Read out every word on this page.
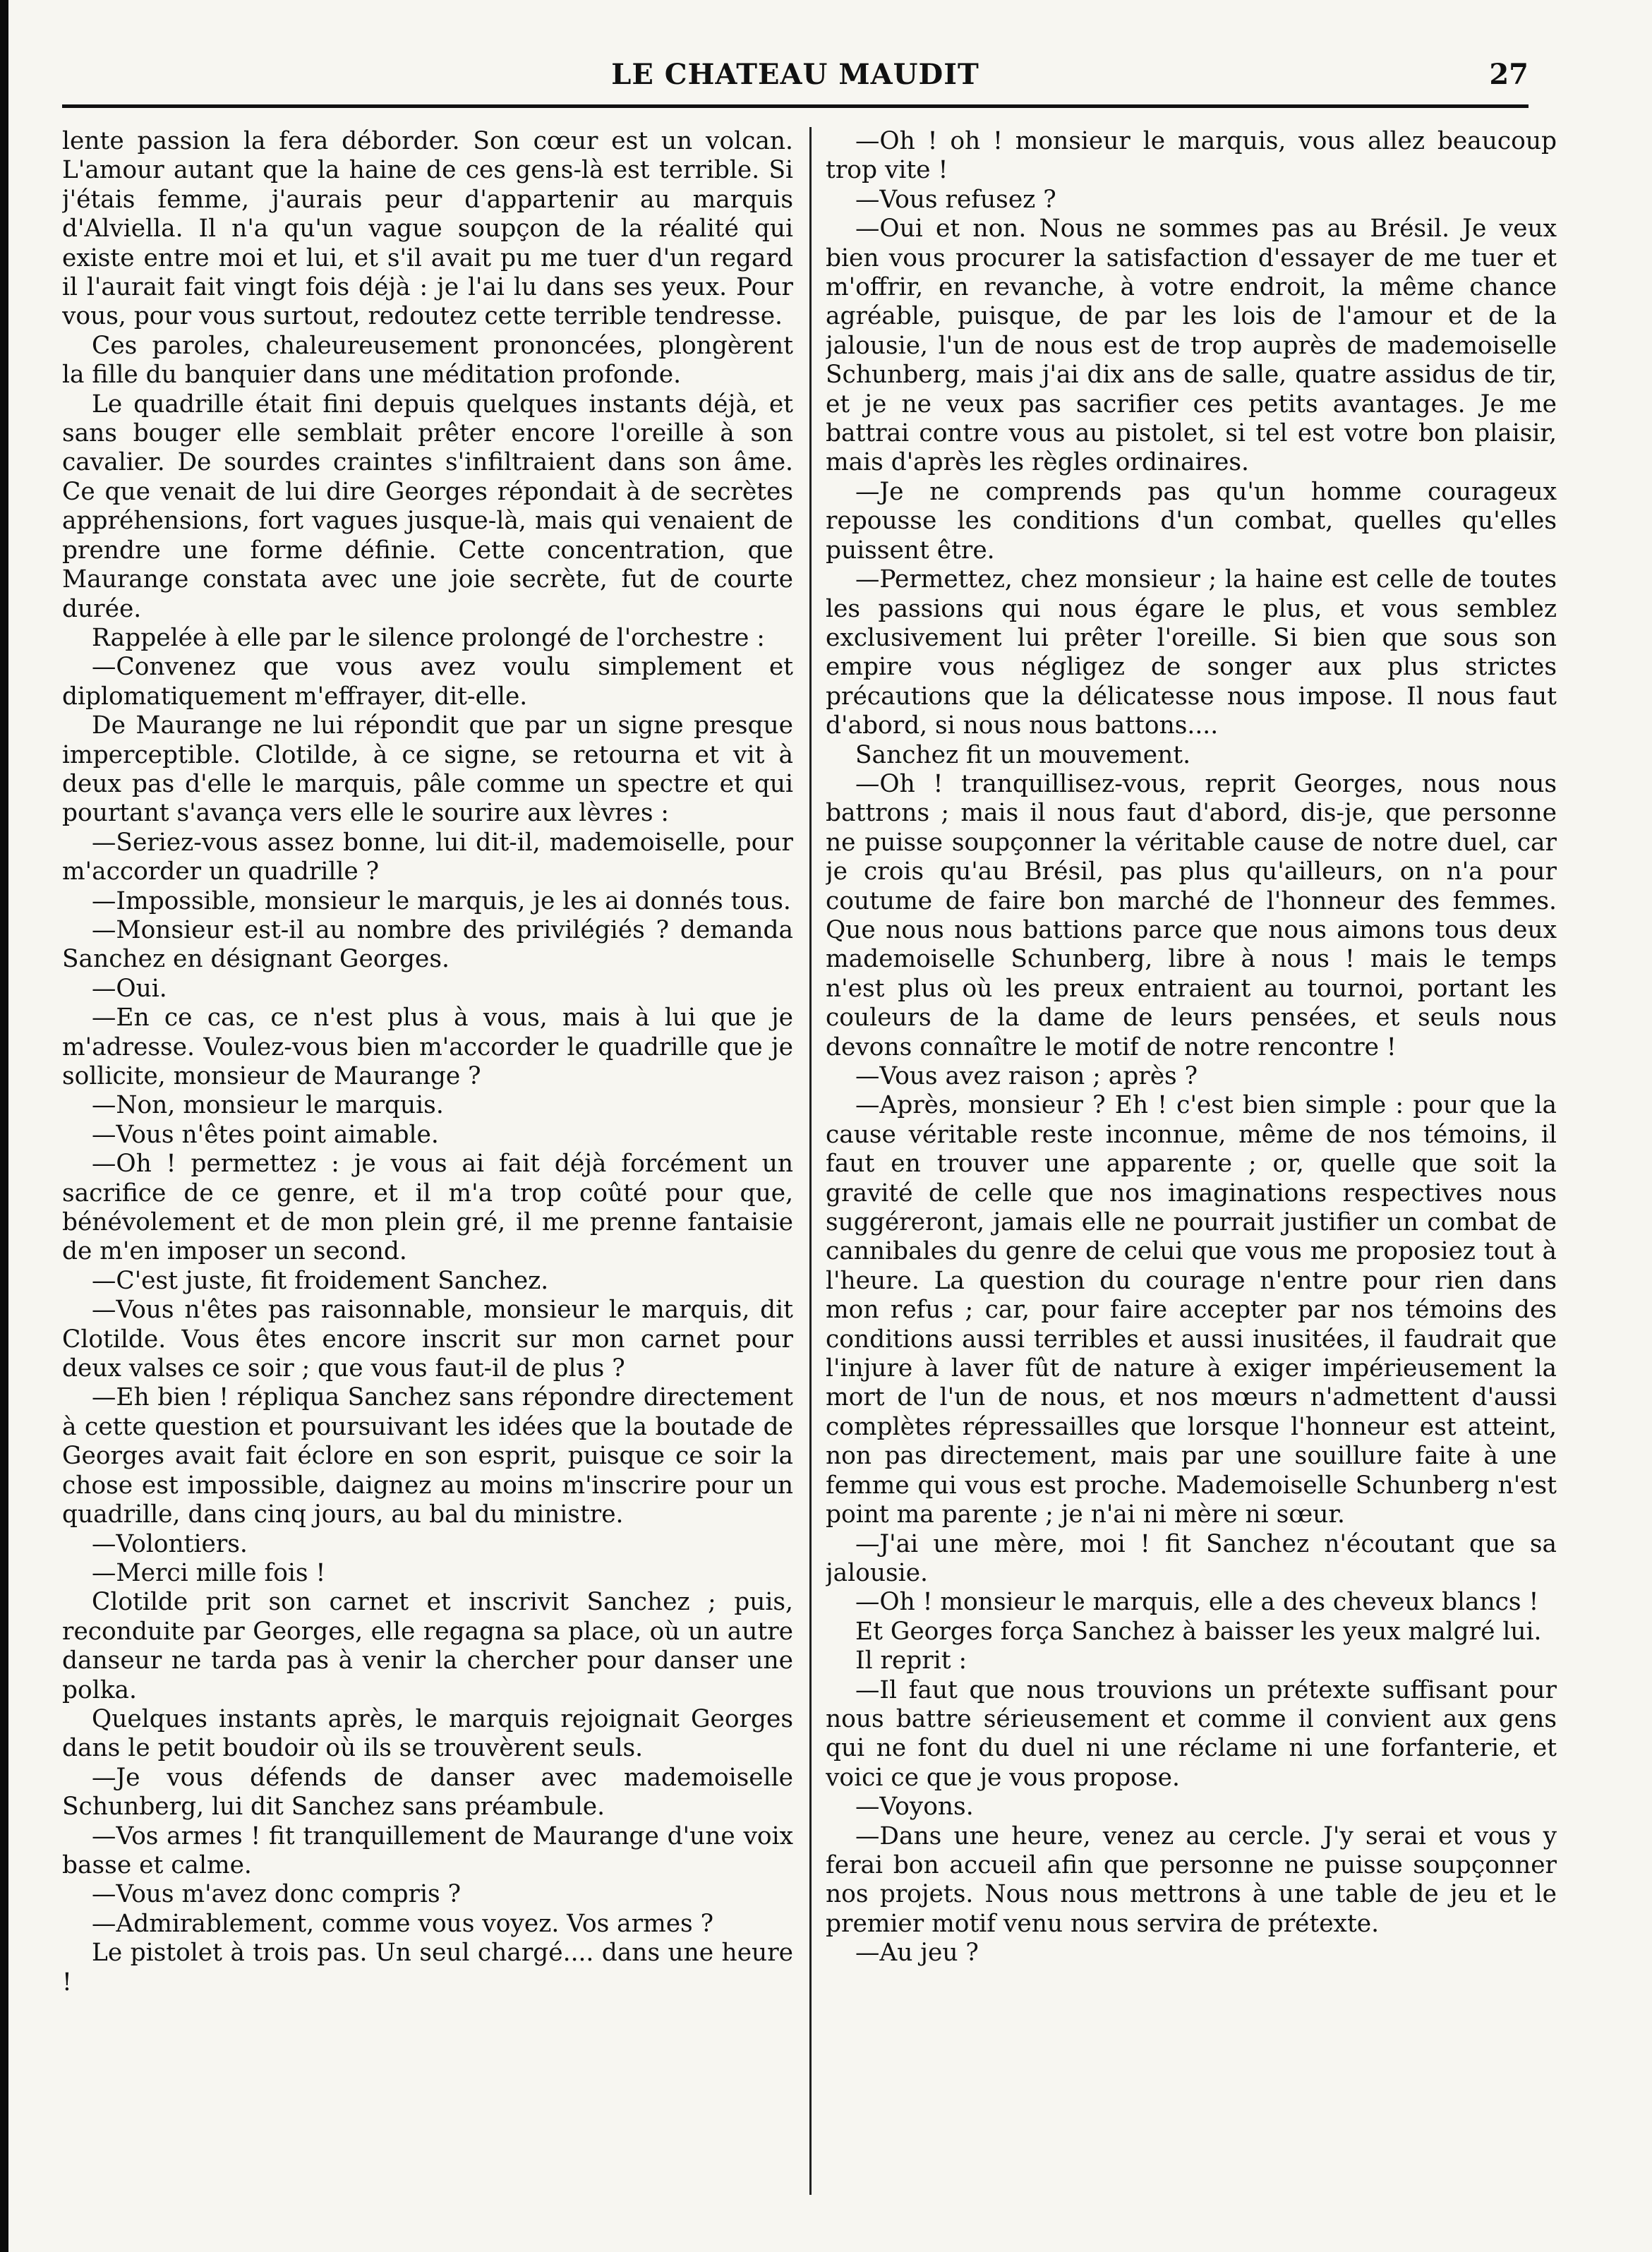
LE CHATEAU MAUDIT	27

lente passion la fera déborder. Son cœur est un volcan. L'amour autant que la haine de ces gens-là est terrible. Si j'étais femme, j'aurais peur d'appartenir au marquis d'Alviella. Il n'a qu'un vague soupçon de la réalité qui existe entre moi et lui, et s'il avait pu me tuer d'un regard il l'aurait fait vingt fois déjà : je l'ai lu dans ses yeux. Pour vous, pour vous surtout, redoutez cette terrible tendresse.

Ces paroles, chaleureusement prononcées, plongèrent la fille du banquier dans une méditation profonde.

Le quadrille était fini depuis quelques instants déjà, et sans bouger elle semblait prêter encore l'oreille à son cavalier. De sourdes craintes s'infiltraient dans son âme. Ce que venait de lui dire Georges répondait à de secrètes appréhensions, fort vagues jusque-là, mais qui venaient de prendre une forme définie. Cette concentration, que Maurange constata avec une joie secrète, fut de courte durée.

Rappelée à elle par le silence prolongé de l'orchestre :

—Convenez que vous avez voulu simplement et diplomatiquement m'effrayer, dit-elle.

De Maurange ne lui répondit que par un signe presque imperceptible. Clotilde, à ce signe, se retourna et vit à deux pas d'elle le marquis, pâle comme un spectre et qui pourtant s'avança vers elle le sourire aux lèvres :

—Seriez-vous assez bonne, lui dit-il, mademoiselle, pour m'accorder un quadrille ?

—Impossible, monsieur le marquis, je les ai donnés tous.

—Monsieur est-il au nombre des privilégiés ? demanda Sanchez en désignant Georges.

—Oui.

—En ce cas, ce n'est plus à vous, mais à lui que je m'adresse. Voulez-vous bien m'accorder le quadrille que je sollicite, monsieur de Maurange ?

—Non, monsieur le marquis.

—Vous n'êtes point aimable.

—Oh ! permettez : je vous ai fait déjà forcément un sacrifice de ce genre, et il m'a trop coûté pour que, bénévolement et de mon plein gré, il me prenne fantaisie de m'en imposer un second.

—C'est juste, fit froidement Sanchez.

—Vous n'êtes pas raisonnable, monsieur le marquis, dit Clotilde. Vous êtes encore inscrit sur mon carnet pour deux valses ce soir ; que vous faut-il de plus ?

—Eh bien ! répliqua Sanchez sans répondre directement à cette question et poursuivant les idées que la boutade de Georges avait fait éclore en son esprit, puisque ce soir la chose est impossible, daignez au moins m'inscrire pour un quadrille, dans cinq jours, au bal du ministre.

—Volontiers.

—Merci mille fois !

Clotilde prit son carnet et inscrivit Sanchez ; puis, reconduite par Georges, elle regagna sa place, où un autre danseur ne tarda pas à venir la chercher pour danser une polka.

Quelques instants après, le marquis rejoignait Georges dans le petit boudoir où ils se trouvèrent seuls.

—Je vous défends de danser avec mademoiselle Schunberg, lui dit Sanchez sans préambule.

—Vos armes ! fit tranquillement de Maurange d'une voix basse et calme.

—Vous m'avez donc compris ?

—Admirablement, comme vous voyez. Vos armes ?

Le pistolet à trois pas. Un seul chargé.... dans une heure !

—Oh ! oh ! monsieur le marquis, vous allez beaucoup trop vite !

—Vous refusez ?

—Oui et non. Nous ne sommes pas au Brésil. Je veux bien vous procurer la satisfaction d'essayer de me tuer et m'offrir, en revanche, à votre endroit, la même chance agréable, puisque, de par les lois de l'amour et de la jalousie, l'un de nous est de trop auprès de mademoiselle Schunberg, mais j'ai dix ans de salle, quatre assidus de tir, et je ne veux pas sacrifier ces petits avantages. Je me battrai contre vous au pistolet, si tel est votre bon plaisir, mais d'après les règles ordinaires.

—Je ne comprends pas qu'un homme courageux repousse les conditions d'un combat, quelles qu'elles puissent être.

—Permettez, chez monsieur ; la haine est celle de toutes les passions qui nous égare le plus, et vous semblez exclusivement lui prêter l'oreille. Si bien que sous son empire vous négligez de songer aux plus strictes précautions que la délicatesse nous impose. Il nous faut d'abord, si nous nous battons....

Sanchez fit un mouvement.

—Oh ! tranquillisez-vous, reprit Georges, nous nous battrons ; mais il nous faut d'abord, dis-je, que personne ne puisse soupçonner la véritable cause de notre duel, car je crois qu'au Brésil, pas plus qu'ailleurs, on n'a pour coutume de faire bon marché de l'honneur des femmes. Que nous nous battions parce que nous aimons tous deux mademoiselle Schunberg, libre à nous ! mais le temps n'est plus où les preux entraient au tournoi, portant les couleurs de la dame de leurs pensées, et seuls nous devons connaître le motif de notre rencontre !

—Vous avez raison ; après ?

—Après, monsieur ? Eh ! c'est bien simple : pour que la cause véritable reste inconnue, même de nos témoins, il faut en trouver une apparente ; or, quelle que soit la gravité de celle que nos imaginations respectives nous suggéreront, jamais elle ne pourrait justifier un combat de cannibales du genre de celui que vous me proposiez tout à l'heure. La question du courage n'entre pour rien dans mon refus ; car, pour faire accepter par nos témoins des conditions aussi terribles et aussi inusitées, il faudrait que l'injure à laver fût de nature à exiger impérieusement la mort de l'un de nous, et nos mœurs n'admettent d'aussi complètes répressailles que lorsque l'honneur est atteint, non pas directement, mais par une souillure faite à une femme qui vous est proche. Mademoiselle Schunberg n'est point ma parente ; je n'ai ni mère ni sœur.

—J'ai une mère, moi ! fit Sanchez n'écoutant que sa jalousie.

—Oh ! monsieur le marquis, elle a des cheveux blancs !

Et Georges força Sanchez à baisser les yeux malgré lui.

Il reprit :

—Il faut que nous trouvions un prétexte suffisant pour nous battre sérieusement et comme il convient aux gens qui ne font du duel ni une réclame ni une forfanterie, et voici ce que je vous propose.

—Voyons.

—Dans une heure, venez au cercle. J'y serai et vous y ferai bon accueil afin que personne ne puisse soupçonner nos projets. Nous nous mettrons à une table de jeu et le premier motif venu nous servira de prétexte.

—Au jeu ?
